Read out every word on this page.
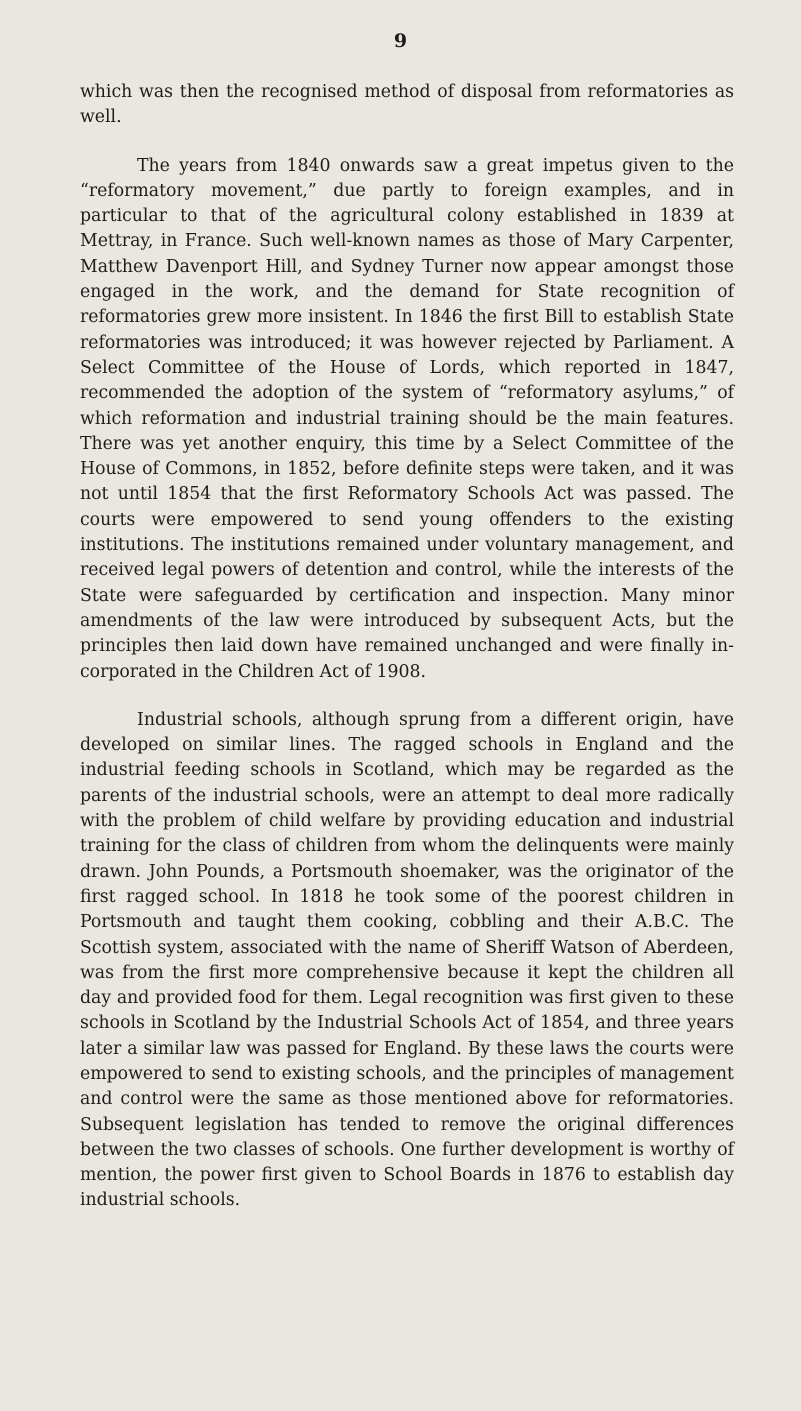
9

which was then the recognised method of disposal from reformatories as well.

The years from 1840 onwards saw a great impetus given to the “reformatory movement,” due partly to foreign examples, and in particular to that of the agricultural colony established in 1839 at Mettray, in France. Such well-known names as those of Mary Carpenter, Matthew Davenport Hill, and Sydney Turner now appear amongst those engaged in the work, and the demand for State recognition of reformatories grew more insistent. In 1846 the first Bill to establish State reformatories was introduced; it was however rejected by Parliament. A Select Committee of the House of Lords, which reported in 1847, recommended the adoption of the system of “reformatory asylums,” of which reformation and industrial training should be the main features. There was yet another enquiry, this time by a Select Committee of the House of Commons, in 1852, before definite steps were taken, and it was not until 1854 that the first Reformatory Schools Act was passed. The courts were empowered to send young offenders to the existing institutions. The institutions remained under voluntary management, and received legal powers of detention and control, while the interests of the State were safeguarded by certification and inspection. Many minor amendments of the law were introduced by subsequent Acts, but the principles then laid down have remained unchanged and were finally incorporated in the Children Act of 1908.

Industrial schools, although sprung from a different origin, have developed on similar lines. The ragged schools in England and the industrial feeding schools in Scotland, which may be regarded as the parents of the industrial schools, were an attempt to deal more radically with the problem of child welfare by providing education and industrial training for the class of children from whom the delinquents were mainly drawn. John Pounds, a Portsmouth shoemaker, was the originator of the first ragged school. In 1818 he took some of the poorest children in Portsmouth and taught them cooking, cobbling and their A.B.C. The Scottish system, associated with the name of Sheriff Watson of Aberdeen, was from the first more comprehensive because it kept the children all day and provided food for them. Legal recognition was first given to these schools in Scotland by the Industrial Schools Act of 1854, and three years later a similar law was passed for England. By these laws the courts were empowered to send to existing schools, and the principles of management and control were the same as those mentioned above for reformatories. Subsequent legislation has tended to remove the original differences between the two classes of schools. One further development is worthy of mention, the power first given to School Boards in 1876 to establish day industrial schools.
